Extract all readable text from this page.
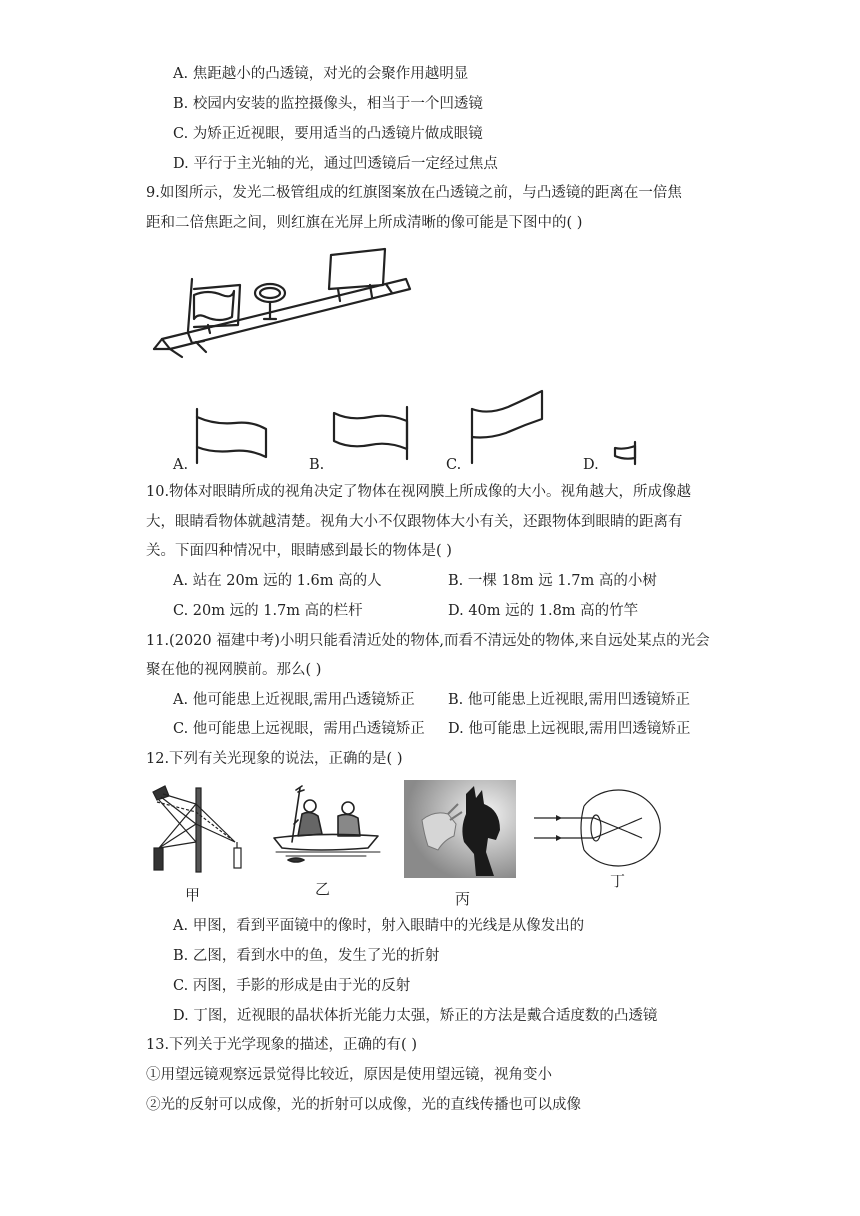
A. 焦距越小的凸透镜，对光的会聚作用越明显
B. 校园内安装的监控摄像头，相当于一个凹透镜
C. 为矫正近视眼，要用适当的凸透镜片做成眼镜
D. 平行于主光轴的光，通过凹透镜后一定经过焦点
9.如图所示，发光二极管组成的红旗图案放在凸透镜之前，与凸透镜的距离在一倍焦
距和二倍焦距之间，则红旗在光屏上所成清晰的像可能是下图中的( )
A.	B.	C.	D.
10.物体对眼睛所成的视角决定了物体在视网膜上所成像的大小。视角越大，所成像越
大，眼睛看物体就越清楚。视角大小不仅跟物体大小有关，还跟物体到眼睛的距离有
关。下面四种情况中，眼睛感到最长的物体是( )
A. 站在 20m 远的 1.6m 高的人	B. 一棵 18m 远 1.7m 高的小树
C. 20m 远的 1.7m 高的栏杆	D. 40m 远的 1.8m 高的竹竿
11.(2020 福建中考)小明只能看清近处的物体,而看不清远处的物体,来自远处某点的光会
聚在他的视网膜前。那么( )
A. 他可能患上近视眼,需用凸透镜矫正 B. 他可能患上近视眼,需用凹透镜矫正
C. 他可能患上远视眼，需用凸透镜矫正 D. 他可能患上远视眼,需用凹透镜矫正
12.下列有关光现象的说法，正确的是( )
甲	乙
丙
丁
A. 甲图，看到平面镜中的像时，射入眼睛中的光线是从像发出的
B. 乙图，看到水中的鱼，发生了光的折射
C. 丙图，手影的形成是由于光的反射
D. 丁图，近视眼的晶状体折光能力太强，矫正的方法是戴合适度数的凸透镜
13.下列关于光学现象的描述，正确的有( )
①用望远镜观察远景觉得比较近，原因是使用望远镜，视角变小
②光的反射可以成像，光的折射可以成像，光的直线传播也可以成像
